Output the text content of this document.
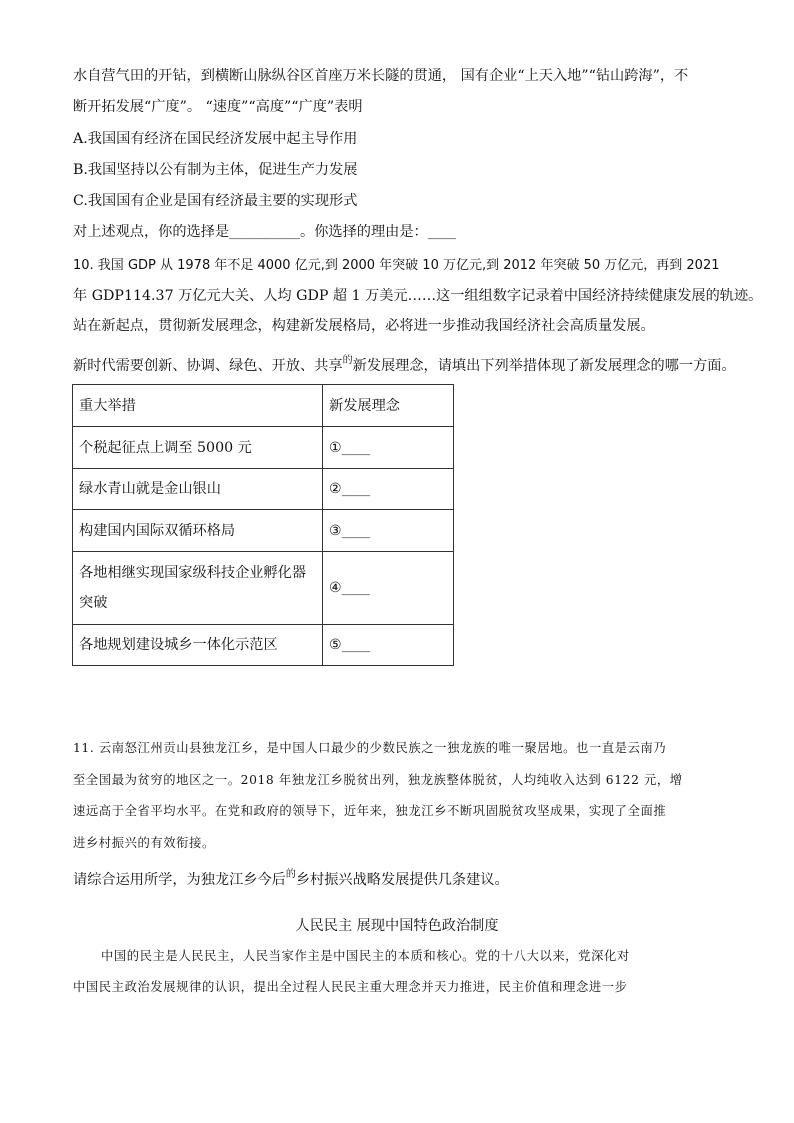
水自营气田的开钻，到横断山脉纵谷区首座万米长隧的贯通， 国有企业“上天入地”“钻山跨海”，不
断开拓发展“广度”。 “速度”“高度”“广度”表明
A.我国国有经济在国民经济发展中起主导作用
B.我国坚持以公有制为主体，促进生产力发展
C.我国国有企业是国有经济最主要的实现形式
对上述观点，你的选择是__________。你选择的理由是：____
10. 我国 GDP 从 1978 年不足 4000 亿元,到 2000 年突破 10 万亿元,到 2012 年突破 50 万亿元，再到 2021
年 GDP114.37 万亿元大关、人均 GDP 超 1 万美元……这一组组数字记录着中国经济持续健康发展的轨迹。
站在新起点，贯彻新发展理念，构建新发展格局，必将进一步推动我国经济社会高质量发展。
新时代需要创新、协调、绿色、开放、共享$^的$新发展理念，请填出下列举措体现了新发展理念的哪一方面。
重大举措	新发展理念
个税起征点上调至 5000 元	①____
绿水青山就是金山银山	②____
构建国内国际双循环格局	③____

各地相继实现国家级科技企业孵化器
突破	④____
各地规划建设城乡一体化示范区	⑤____
11. 云南怒江州贡山县独龙江乡，是中国人口最少的少数民族之一独龙族的唯一聚居地。也一直是云南乃
至全国最为贫穷的地区之一。2018 年独龙江乡脱贫出列，独龙族整体脱贫，人均纯收入达到 6122 元，增
速远高于全省平均水平。在党和政府的领导下，近年来，独龙江乡不断巩固脱贫攻坚成果，实现了全面推
进乡村振兴的有效衔接。
请综合运用所学，为独龙江乡今后$^的$乡村振兴战略发展提供几条建议。
人民民主 展现中国特色政治制度
中国的民主是人民民主，人民当家作主是中国民主的本质和核心。党的十八大以来，党深化对
中国民主政治发展规律的认识，提出全过程人民民主重大理念并天力推进，民主价值和理念进一步
